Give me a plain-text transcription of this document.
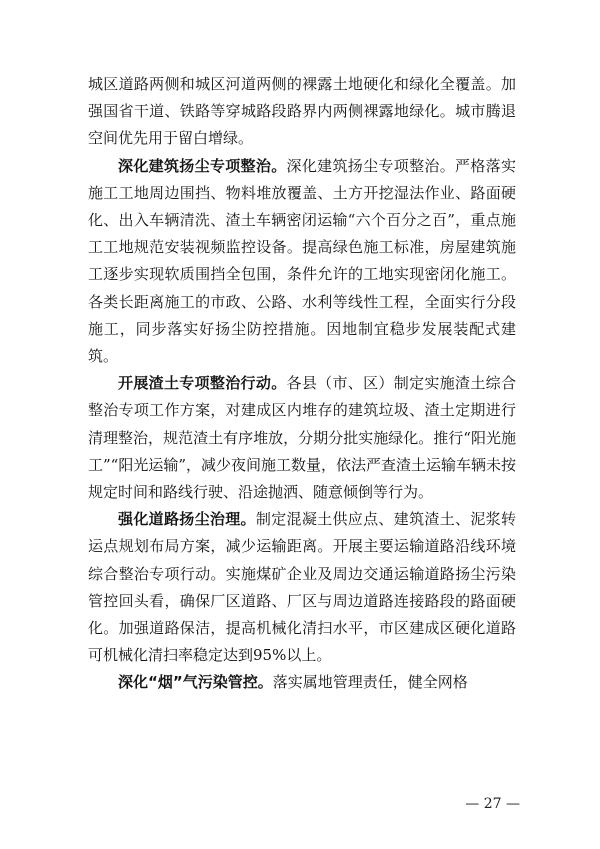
城区道路两侧和城区河道两侧的裸露土地硬化和绿化全覆盖。加强国省干道、铁路等穿城路段路界内两侧裸露地绿化。城市腾退空间优先用于留白增绿。

深化建筑扬尘专项整治。深化建筑扬尘专项整治。严格落实施工工地周边围挡、物料堆放覆盖、土方开挖湿法作业、路面硬化、出入车辆清洗、渣土车辆密闭运输“六个百分之百”，重点施工工地规范安装视频监控设备。提高绿色施工标准，房屋建筑施工逐步实现软质围挡全包围，条件允许的工地实现密闭化施工。各类长距离施工的市政、公路、水利等线性工程，全面实行分段施工，同步落实好扬尘防控措施。因地制宜稳步发展装配式建筑。

开展渣土专项整治行动。各县（市、区）制定实施渣土综合整治专项工作方案，对建成区内堆存的建筑垃圾、渣土定期进行清理整治，规范渣土有序堆放，分期分批实施绿化。推行“阳光施工”“阳光运输”，减少夜间施工数量，依法严查渣土运输车辆未按规定时间和路线行驶、沿途抛洒、随意倾倒等行为。

强化道路扬尘治理。制定混凝土供应点、建筑渣土、泥浆转运点规划布局方案，减少运输距离。开展主要运输道路沿线环境综合整治专项行动。实施煤矿企业及周边交通运输道路扬尘污染管控回头看，确保厂区道路、厂区与周边道路连接路段的路面硬化。加强道路保洁，提高机械化清扫水平，市区建成区硬化道路可机械化清扫率稳定达到95%以上。

深化“烟”气污染管控。落实属地管理责任，健全网格

— 27 —
